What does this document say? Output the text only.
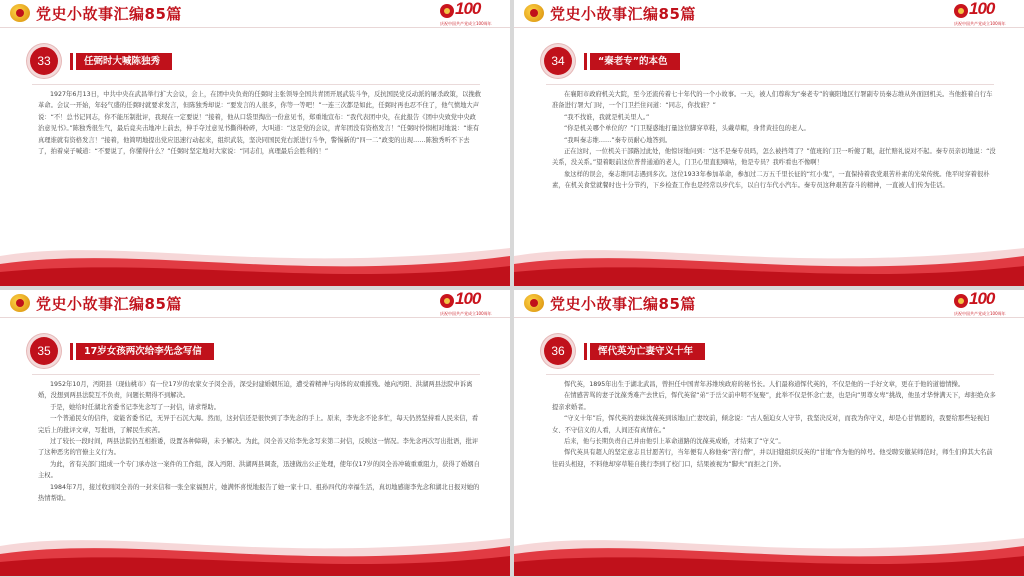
党史小故事汇编85篇	100
庆祝中国共产党成立100周年
33	任弼时大喊陈独秀

1927年6月13日，中共中央在武昌举行扩大会议，会上，在团中央负责的任弼时主张领导全国共青团开展武装斗争，反抗国民党反动派的屠杀政策，以挽救革命。会议一开始，年轻气盛的任弼时就要求发言，但陈独秀却说：“要发言的人很多，你等一等吧！”一连三次都是如此，任弼时再也忍不住了，他气愤地大声说：“不！总书记同志，你不能压制批评，我现在一定要说！”接着，他从口袋里掏出一份意见书，郑重地宣布：“我代表团中央，在此报告《团中央致党中央政治意见书》。”陈独秀很生气，最后竟夹击地冲上前去，伸手夺过意见书撕得粉碎，大叫道：“这是党的会议，青年团没有资格发言！”任弼时怜悯相对地说：“谁有真理谁就有资格发言！”接着，他简明地提出党应迅速行动起来，组织武装，坚决同国民党右派进行斗争，警惕新的“四一二”政变的出现……陈独秀听不下去了，拍着桌子喊道：“不要说了，你懂得什么？”任弼时坚定地对大家说：“同志们，真理最后会胜利的！”

党史小故事汇编85篇	100
庆祝中国共产党成立100周年
34	“秦老专”的本色

在襄阳市政府机关大院，至今还流传着七十年代的一个小故事。一天，被人们尊称为“秦老专”的襄阳地区行署副专员秦志维从外面回机关。当他推着自行车准备进行署大门时，一个门卫拦住问道：“同志，你找谁？”

“我不找谁，我就是机关里人。”

“你是机关哪个单位的？”门卫疑惑地打量这位脚穿草鞋，头戴草帽，身背黄挂包的老人。

“我叫秦志维……”秦专员耐心地答到。

正在这时，一位机关干部路过此处，他惊讶地问到：“这不是秦专员吗，怎么被挡驾了？”值班的门卫一听傻了眼，赶忙赔礼说对不起。秦专员亲切地说：“没关系，没关系。”望着眼前这位普普通通的老人，门卫心里直犯嘀咕，他是专员？我咋看也不像啊！

象这样的误会，秦志维同志遇到多次。这位1933年参加革命，参加过二万五千里长征的“红小鬼”，一直保持着我党艰苦朴素的光荣传统。他平时穿着很朴素，在机关食堂就餐时也十分节约，下乡检查工作也是经常以步代车，以自行车代小汽车。秦专员这种艰苦奋斗的精神，一直被人们传为佳话。

党史小故事汇编85篇	100
庆祝中国共产党成立100周年
35	17岁女孩两次给李先念写信

1952年10月，沔阳县（现仙桃市）有一位17岁的农家女子闵全善，深受封建婚姻压迫，遭受着精神与肉体的双重摧残。她向沔阳、洪湖两县法院申诉离婚，没想到两县法院互不负责，问题长期得不到解决。

于是，她给时任湖北省委书记李先念写了一封信，请求帮助。

一个普通民女的信件，竟能省委书记，无异于石沉大海。然而，这封信还是很快到了李先念的手上。原来，李先念不论多忙，每天仍然坚持看人民来信，看完后上的批评文章，写批语，了解民生疾苦。

过了较长一段时间，两县法院仍互相推诿，设置各种障碍，未予解决。为此，闵全善又给李先念写来第二封信，反映这一情况。李先念再次写出批语，批评了这种恶劣的官僚主义行为。

为此，省有关部门组成一个专门承办这一案件的工作组，深入沔阳、洪湖两县调查，迅速做出公正处理，使年仅17岁的闵全善冲破重重阻力，获得了婚姻自主权。

1984年7月，接过收到闵全善的一封来信和一张全家福照片，她满怀喜悦地报告了她一家十口、祖孙四代的幸福生活，真切地感谢李先念和湖北日报对她的热情帮助。

党史小故事汇编85篇	100
庆祝中国共产党成立100周年
36	恽代英为亡妻守义十年

恽代英，1895年出生于湖北武昌，曾担任中国青年苏维埃政府的秘书长。人们最称道恽代英的，不仅是他的一手好文章，更在于他的道德情操。

在情感苦骂的妻子沈葆秀难产去世后，恽代英留“弟”于岳父前申明不复娶”，此举不仅是怀念亡妻，也是向“男尊女卑”挑战，他虽才华誉满天下，却拒绝众多提亲求婚者。

“守义十年”后，恽代英的妻妹沈葆英到该地山亡妻坟前，倾念说：“古人强迫女人守节，我坚决反对，而我为你守义，却是心甘情愿的，我要给那些轻视妇女、不守信义的人看，人间还有真情在。”

后来，他与长期负责自己并由他引上革命道路的沈葆英成婚，才结束了“守义”。

恽代英具有超人的坚定意志且甘愿苦行，当年便有人称他秦“苦行僧”，并以旧缝组织反英的“甘地”作为他的绰号。他受聘安徽某师范时，师生们仰其大名前往码头相迎，不料他却穿草鞋自挑行李到了校门口，结果被视为“脚夫”而拒之门外。
